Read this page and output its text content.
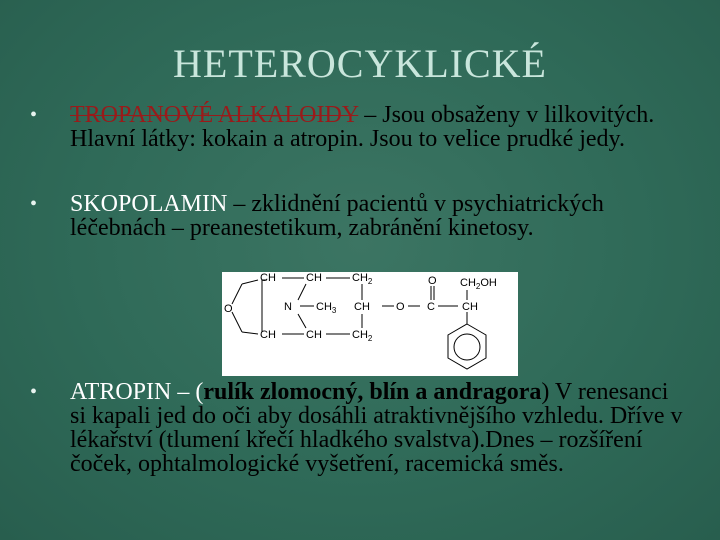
HETEROCYKLICKÉ
•	TROPANOVÉ ALKALOIDY – Jsou obsaženy v lilkovitých. Hlavní látky: kokain a atropin. Jsou to velice prudké jedy.
•	SKOPOLAMIN – zklidnění pacientů v psychiatrických léčebnách – preanestetikum, zabránění kinetosy.
CH	CH	$CH_2$
O	N $CH_3$ CH O C
O $CH_2OH$
CH
CH	CH	$CH_2$
•	ATROPIN – (rulík zlomocný, blín a andragora) V renesanci si kapali jed do oči aby dosáhli atraktivnějšího vzhledu. Dříve v lékařství (tlumení křečí hladkého svalstva).Dnes – rozšíření čoček, ophtalmologické vyšetření, racemická směs.
